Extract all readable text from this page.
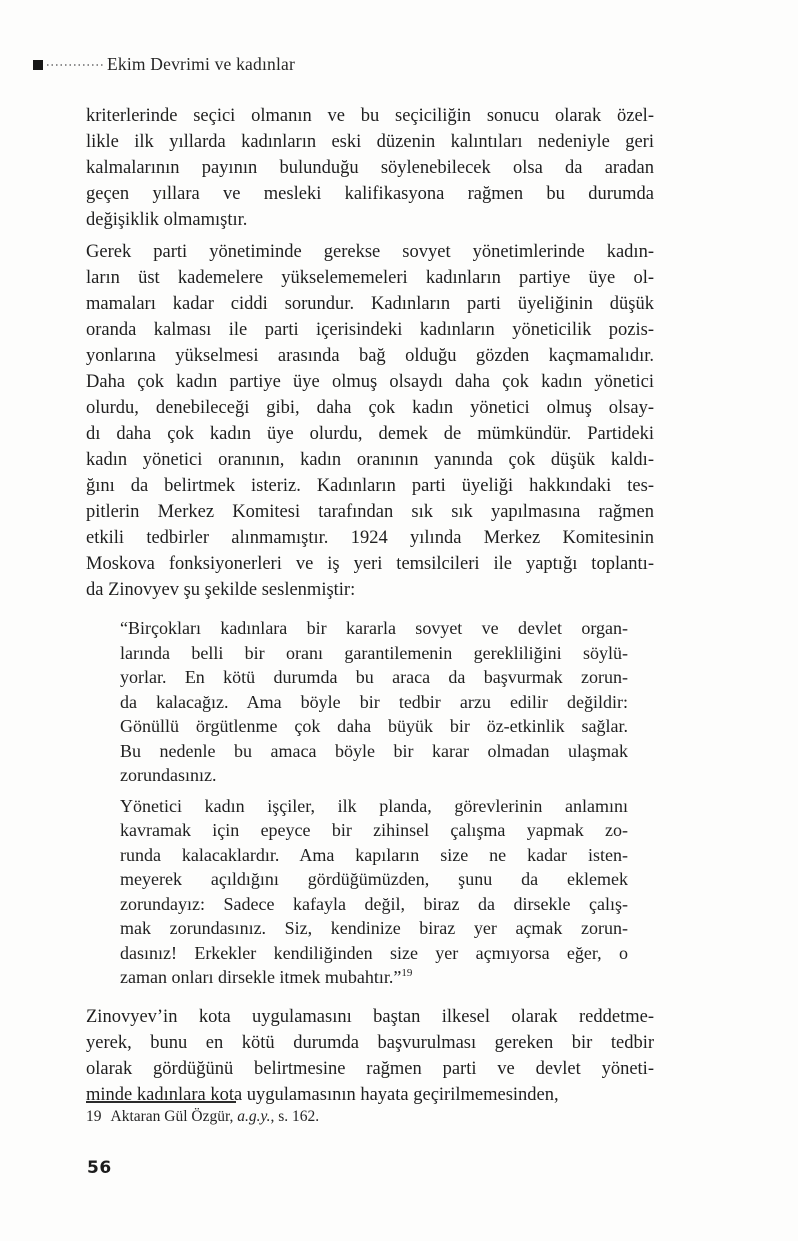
Ekim Devrimi ve kadınlar
kriterlerinde seçici olmanın ve bu seçiciliğin sonucu olarak özel-
likle ilk yıllarda kadınların eski düzenin kalıntıları nedeniyle geri
kalmalarının payının bulunduğu söylenebilecek olsa da aradan
geçen yıllara ve mesleki kalifikasyona rağmen bu durumda
değişiklik olmamıştır.
Gerek parti yönetiminde gerekse sovyet yönetimlerinde kadın-
ların üst kademelere yükselememeleri kadınların partiye üye ol-
mamaları kadar ciddi sorundur. Kadınların parti üyeliğinin düşük
oranda kalması ile parti içerisindeki kadınların yöneticilik pozis-
yonlarına yükselmesi arasında bağ olduğu gözden kaçmamalıdır.
Daha çok kadın partiye üye olmuş olsaydı daha çok kadın yönetici
olurdu, denebileceği gibi, daha çok kadın yönetici olmuş olsay-
dı daha çok kadın üye olurdu, demek de mümkündür. Partideki
kadın yönetici oranının, kadın oranının yanında çok düşük kaldı-
ğını da belirtmek isteriz. Kadınların parti üyeliği hakkındaki tes-
pitlerin Merkez Komitesi tarafından sık sık yapılmasına rağmen
etkili tedbirler alınmamıştır. 1924 yılında Merkez Komitesinin
Moskova fonksiyonerleri ve iş yeri temsilcileri ile yaptığı toplantı-
da Zinovyev şu şekilde seslenmiştir:
“Birçokları kadınlara bir kararla sovyet ve devlet organ-
larında belli bir oranı garantilemenin gerekliliğini söylü-
yorlar. En kötü durumda bu araca da başvurmak zorun-
da kalacağız. Ama böyle bir tedbir arzu edilir değildir:
Gönüllü örgütlenme çok daha büyük bir öz-etkinlik sağlar.
Bu nedenle bu amaca böyle bir karar olmadan ulaşmak
zorundasınız.
Yönetici kadın işçiler, ilk planda, görevlerinin anlamını
kavramak için epeyce bir zihinsel çalışma yapmak zo-
runda kalacaklardır. Ama kapıların size ne kadar isten-
meyerek açıldığını gördüğümüzden, şunu da eklemek
zorundayız: Sadece kafayla değil, biraz da dirsekle çalış-
mak zorundasınız. Siz, kendinize biraz yer açmak zorun-
dasınız! Erkekler kendiliğinden size yer açmıyorsa eğer, o
zaman onları dirsekle itmek mubahtır.”$^{19}$
Zinovyev’in kota uygulamasını baştan ilkesel olarak reddetme-
yerek, bunu en kötü durumda başvurulması gereken bir tedbir
olarak gördüğünü belirtmesine rağmen parti ve devlet yöneti-
minde kadınlara kota uygulamasının hayata geçirilmemesinden,
19 Aktaran Gül Özgür, a.g.y., s. 162.
56
